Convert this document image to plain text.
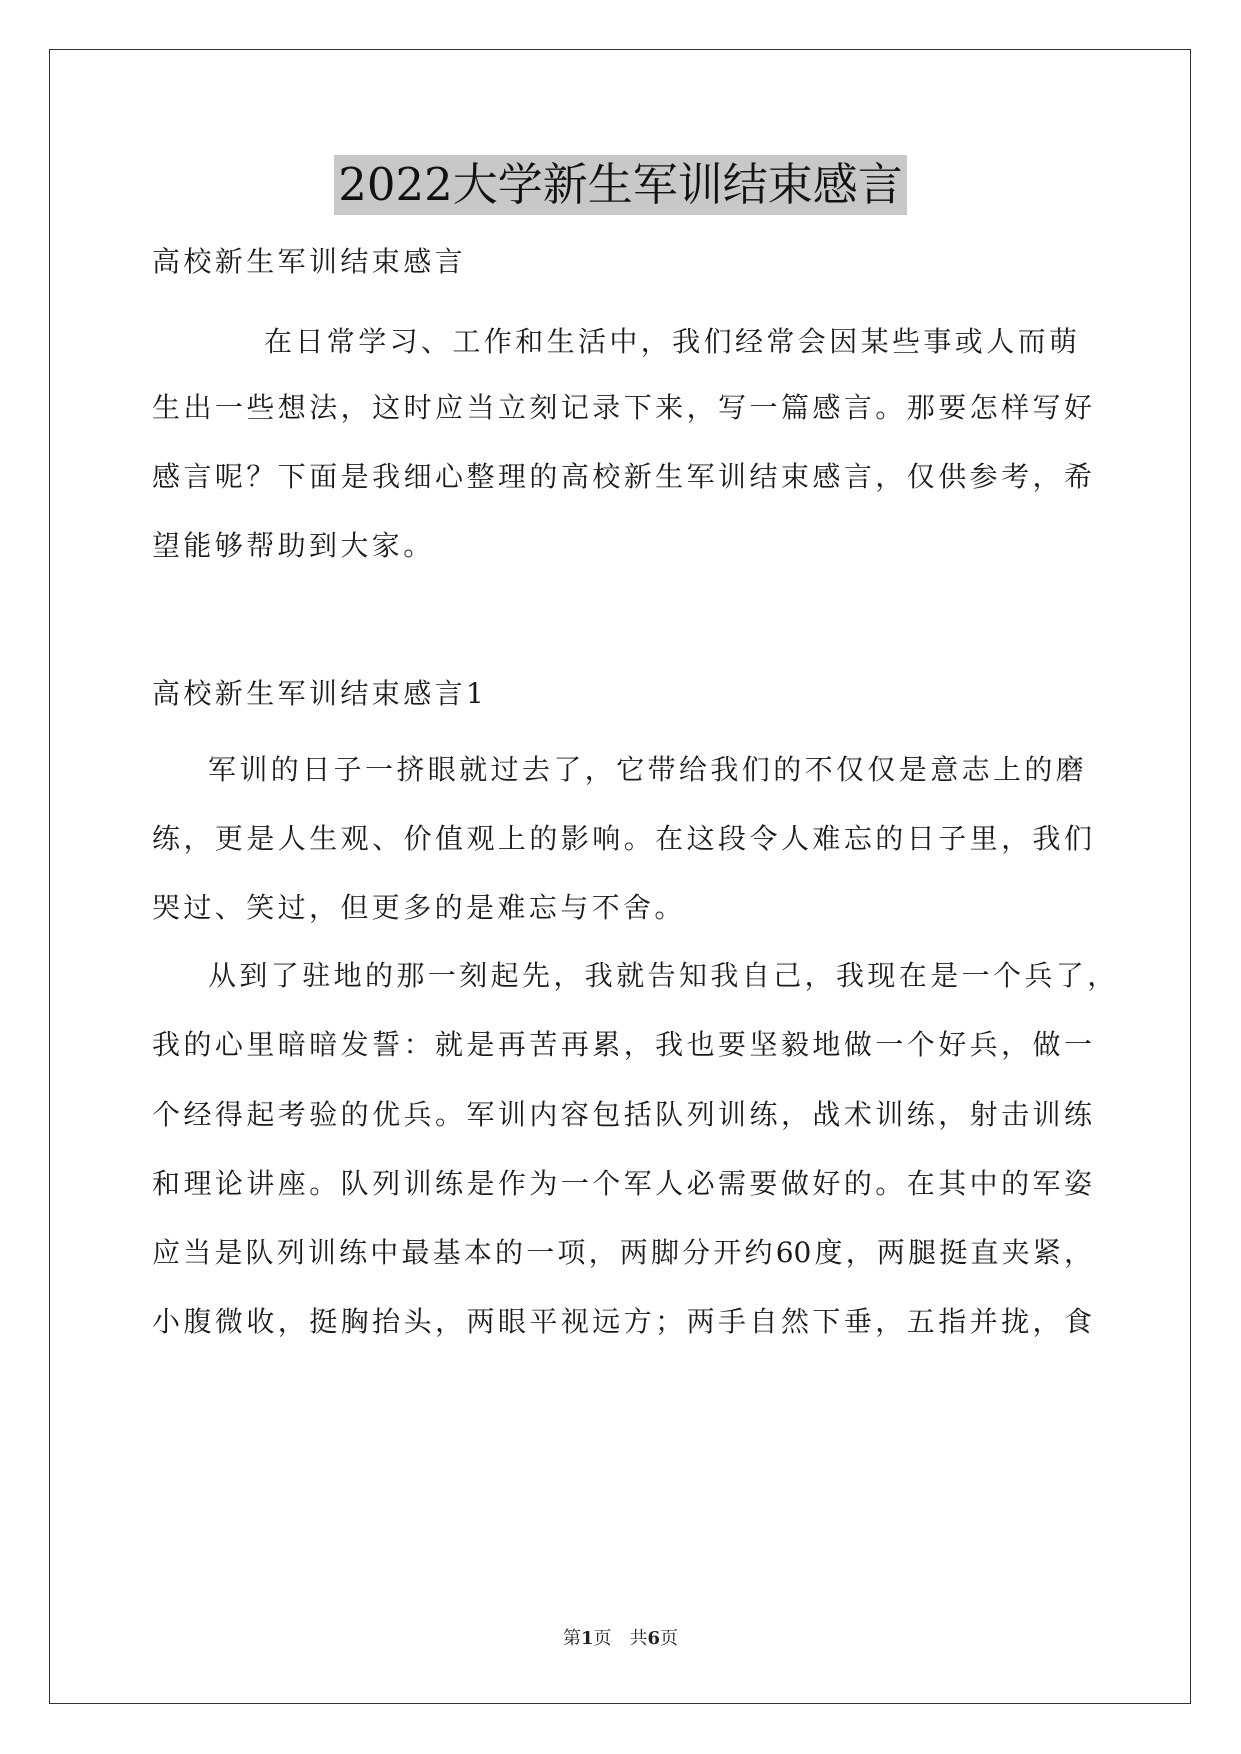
2022大学新生军训结束感言
高校新生军训结束感言
在日常学习、工作和生活中，我们经常会因某些事或人而萌
生出一些想法，这时应当立刻记录下来，写一篇感言。那要怎样写好
感言呢？下面是我细心整理的高校新生军训结束感言，仅供参考，希
望能够帮助到大家。
高校新生军训结束感言1
军训的日子一挤眼就过去了，它带给我们的不仅仅是意志上的磨
练，更是人生观、价值观上的影响。在这段令人难忘的日子里，我们
哭过、笑过，但更多的是难忘与不舍。
从到了驻地的那一刻起先，我就告知我自己，我现在是一个兵了，
我的心里暗暗发誓：就是再苦再累，我也要坚毅地做一个好兵，做一
个经得起考验的优兵。军训内容包括队列训练，战术训练，射击训练
和理论讲座。队列训练是作为一个军人必需要做好的。在其中的军姿
应当是队列训练中最基本的一项，两脚分开约60度，两腿挺直夹紧，
小腹微收，挺胸抬头，两眼平视远方；两手自然下垂，五指并拢，食
第1页　共6页
